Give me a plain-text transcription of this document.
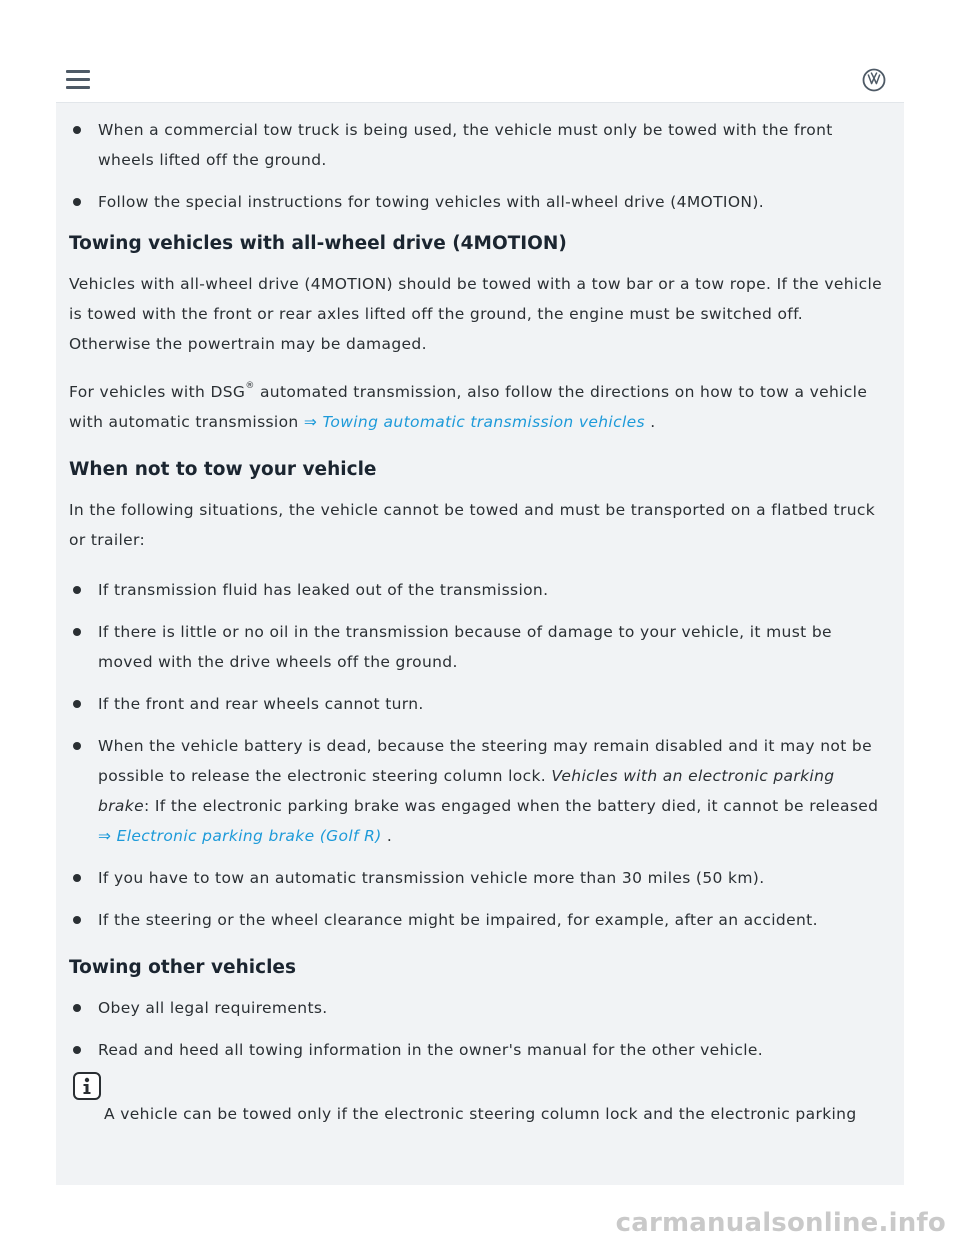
When a commercial tow truck is being used, the vehicle must only be towed with the front wheels lifted off the ground.
Follow the special instructions for towing vehicles with all-wheel drive (4MOTION).
Towing vehicles with all-wheel drive (4MOTION)

Vehicles with all-wheel drive (4MOTION) should be towed with a tow bar or a tow rope. If the vehicle is towed with the front or rear axles lifted off the ground, the engine must be switched off. Otherwise the powertrain may be damaged.

For vehicles with DSG® automated transmission, also follow the directions on how to tow a vehicle with automatic transmission ⇒ Towing automatic transmission vehicles .

When not to tow your vehicle

In the following situations, the vehicle cannot be towed and must be transported on a flatbed truck or trailer:

If transmission fluid has leaked out of the transmission.
If there is little or no oil in the transmission because of damage to your vehicle, it must be moved with the drive wheels off the ground.
If the front and rear wheels cannot turn.
When the vehicle battery is dead, because the steering may remain disabled and it may not be possible to release the electronic steering column lock. Vehicles with an electronic parking brake: If the electronic parking brake was engaged when the battery died, it cannot be released ⇒ Electronic parking brake (Golf R) .
If you have to tow an automatic transmission vehicle more than 30 miles (50 km).
If the steering or the wheel clearance might be impaired, for example, after an accident.
Towing other vehicles
Obey all legal requirements.
Read and heed all towing information in the owner's manual for the other vehicle.
A vehicle can be towed only if the electronic steering column lock and the electronic parking
carmanualsonline.info
